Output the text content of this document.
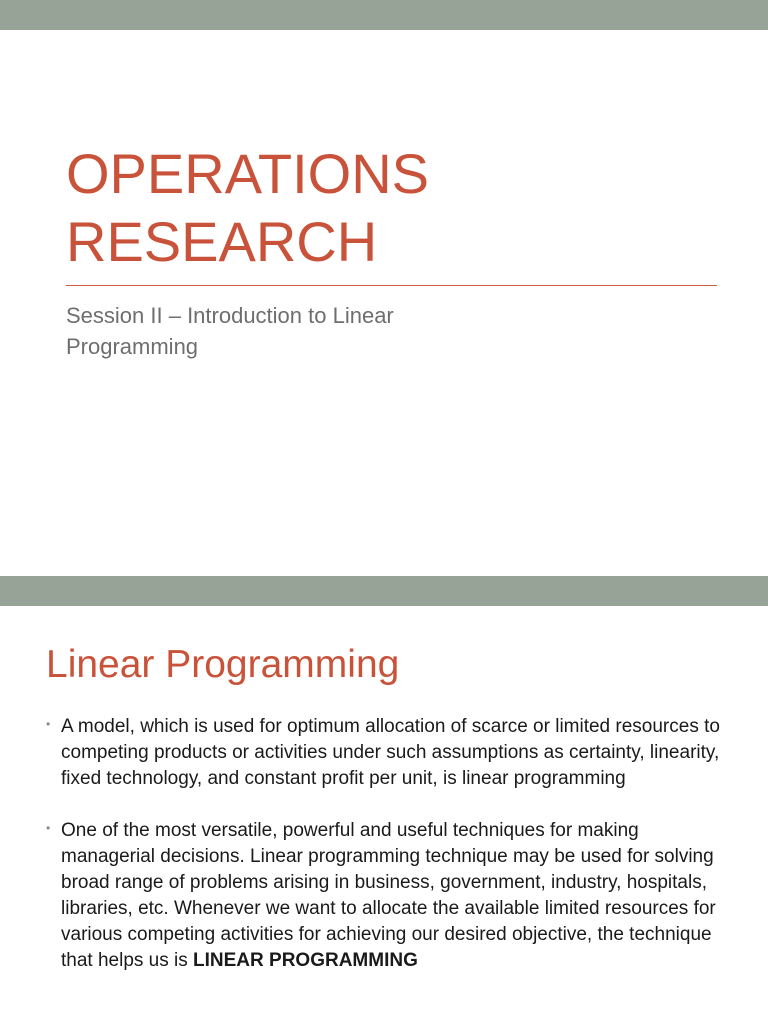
OPERATIONS
RESEARCH
Session II – Introduction to Linear Programming
Linear Programming
• A model, which is used for optimum allocation of scarce or limited resources to competing products or activities under such assumptions as certainty, linearity, fixed technology, and constant profit per unit, is linear programming
• One of the most versatile, powerful and useful techniques for making managerial decisions. Linear programming technique may be used for solving broad range of problems arising in business, government, industry, hospitals, libraries, etc. Whenever we want to allocate the available limited resources for various competing activities for achieving our desired objective, the technique that helps us is LINEAR PROGRAMMING
